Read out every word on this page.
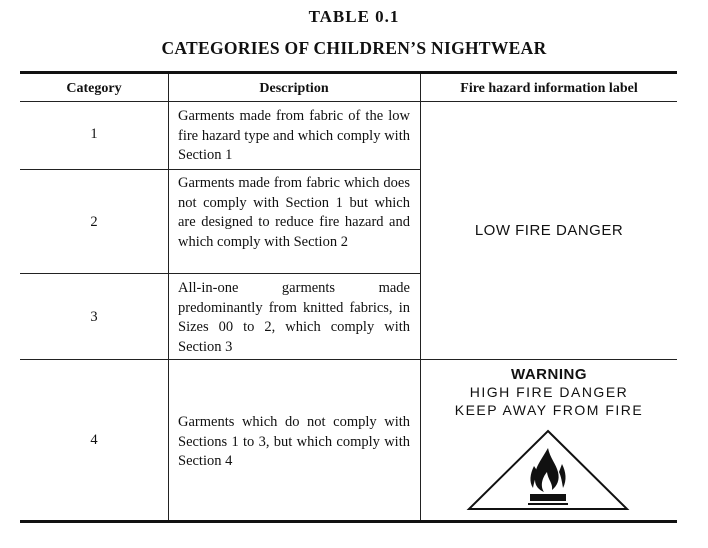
TABLE 0.1
CATEGORIES OF CHILDREN’S NIGHTWEAR
Category	Description	Fire hazard information label
1
Garments made from fabric of the low fire hazard type and which comply with Section 1
2
Garments made from fabric which does not comply with Section 1 but which are designed to reduce fire hazard and which comply with Section 2
3
All-in-one garments made predominantly from knitted fabrics, in Sizes 00 to 2, which comply with Section 3
4
Garments which do not comply with Sections 1 to 3, but which comply with Section 4
LOW FIRE DANGER
WARNING
HIGH FIRE DANGER
KEEP AWAY FROM FIRE
